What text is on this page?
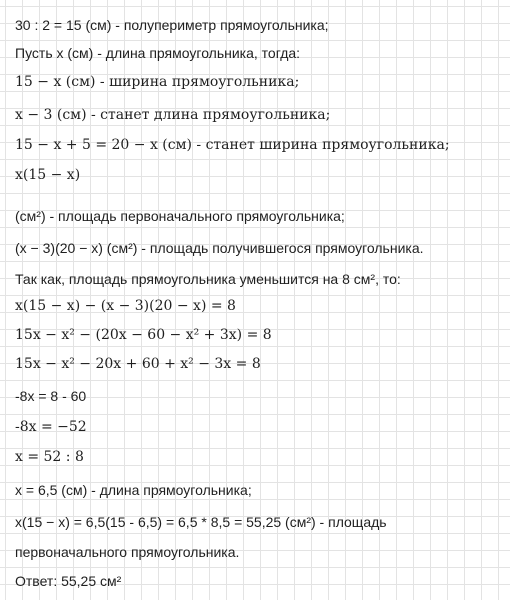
30 : 2 = 15 (см) - полупериметр прямоугольника;
Пусть x (см) - длина прямоугольника, тогда:
15 − x (см) - ширина прямоугольника;
x − 3 (см) - станет длина прямоугольника;
15 − x + 5 = 20 − x (см) - станет ширина прямоугольника;
x(15 − x)
(см²) - площадь первоначального прямоугольника;
(x − 3)(20 − x) (см²) - площадь получившегося прямоугольника.
Так как, площадь прямоугольника уменьшится на 8 см², то:
x(15 − x) − (x − 3)(20 − x) = 8
15x − x² − (20x − 60 − x² + 3x) = 8
15x − x² − 20x + 60 + x² − 3x = 8
-8x = 8 - 60
-8x = −52
x = 52 : 8
x = 6,5 (см) - длина прямоугольника;
x(15 − x) = 6,5(15 - 6,5) = 6,5 * 8,5 = 55,25 (см²) - площадь
первоначального прямоугольника.
Ответ: 55,25 см²
